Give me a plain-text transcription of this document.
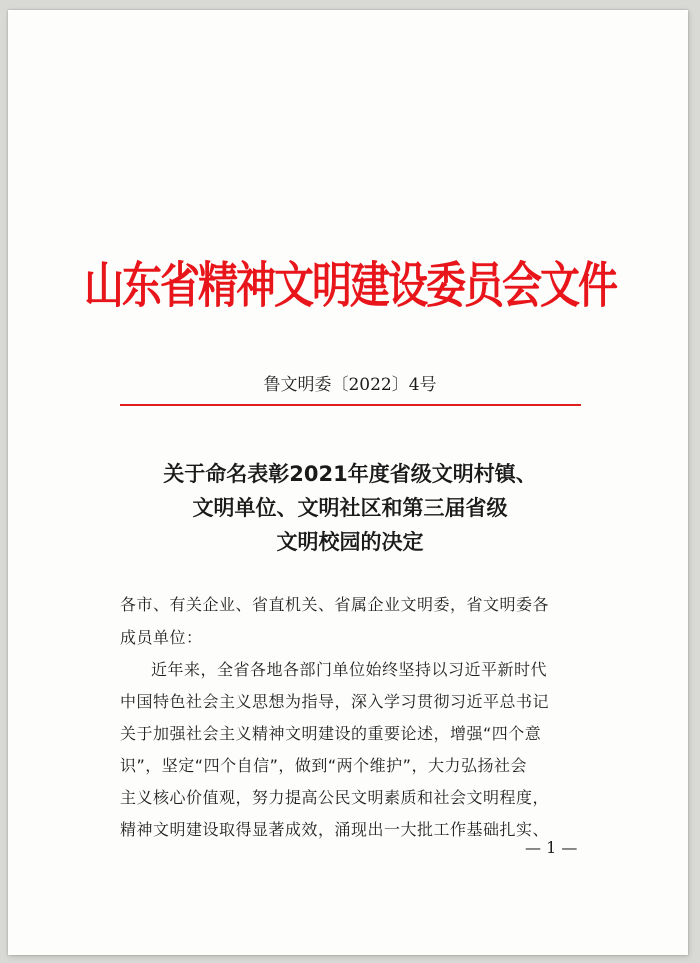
山东省精神文明建设委员会文件
鲁文明委〔2022〕4号
关于命名表彰2021年度省级文明村镇、
文明单位、文明社区和第三届省级
文明校园的决定
各市、有关企业、省直机关、省属企业文明委，省文明委各
成员单位：
近年来，全省各地各部门单位始终坚持以习近平新时代
中国特色社会主义思想为指导，深入学习贯彻习近平总书记
关于加强社会主义精神文明建设的重要论述，增强“四个意
识”，坚定“四个自信”，做到“两个维护”，大力弘扬社会
主义核心价值观，努力提高公民文明素质和社会文明程度，
精神文明建设取得显著成效，涌现出一大批工作基础扎实、
— 1 —
